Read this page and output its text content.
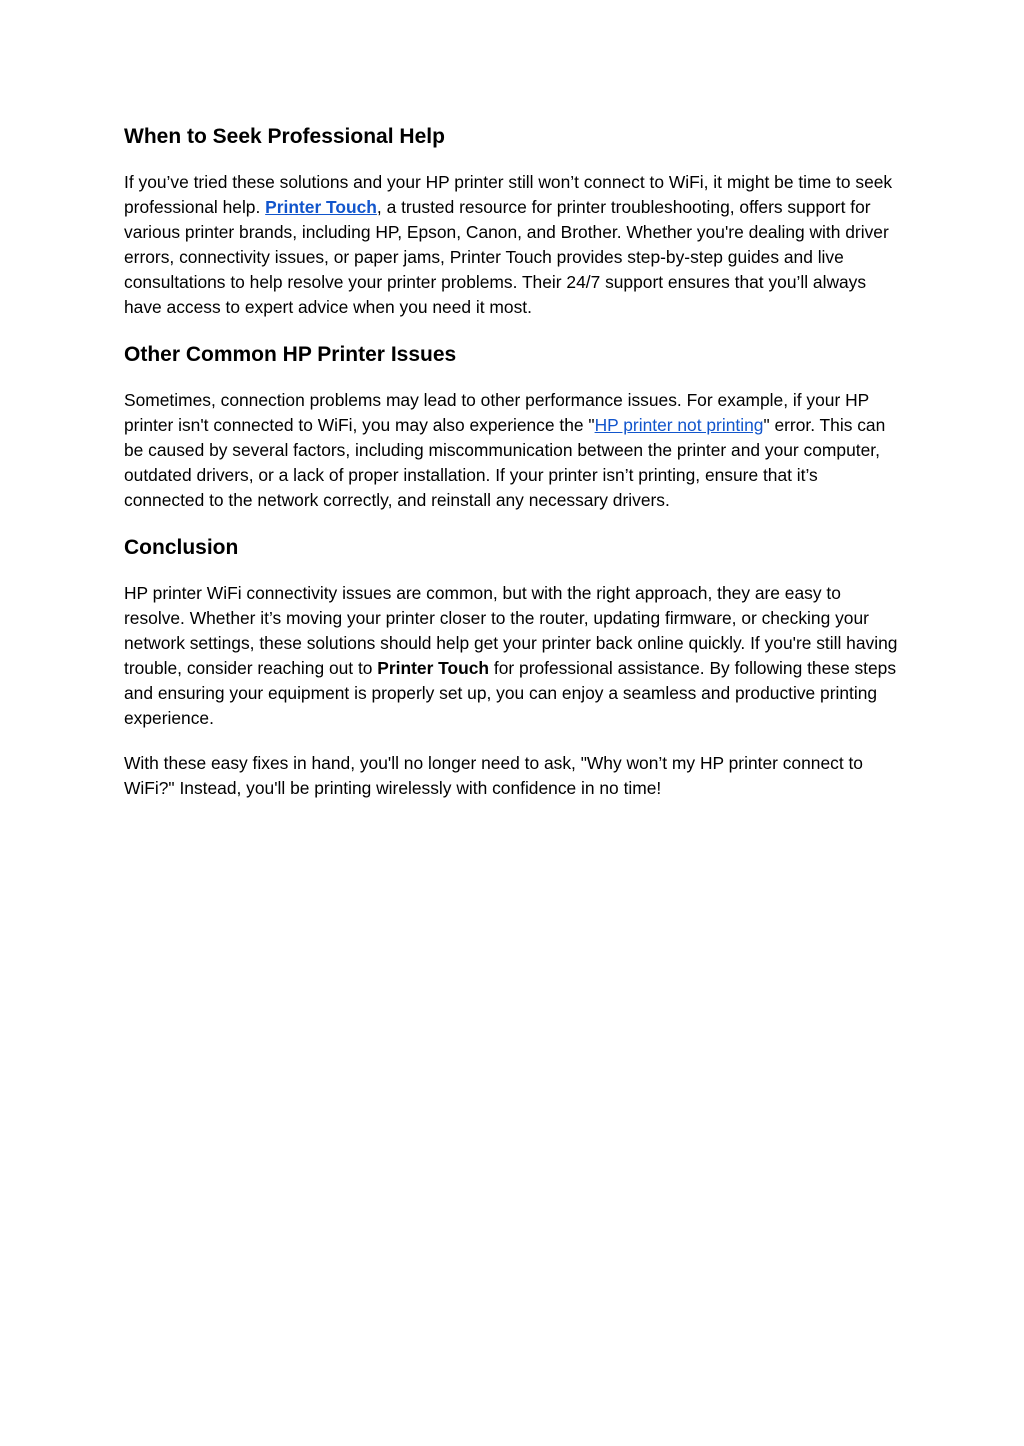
When to Seek Professional Help

If you’ve tried these solutions and your HP printer still won’t connect to WiFi, it might be time to seek professional help. Printer Touch, a trusted resource for printer troubleshooting, offers support for various printer brands, including HP, Epson, Canon, and Brother. Whether you're dealing with driver errors, connectivity issues, or paper jams, Printer Touch provides step-by-step guides and live consultations to help resolve your printer problems. Their 24/7 support ensures that you’ll always have access to expert advice when you need it most.

Other Common HP Printer Issues

Sometimes, connection problems may lead to other performance issues. For example, if your HP printer isn't connected to WiFi, you may also experience the "HP printer not printing" error. This can be caused by several factors, including miscommunication between the printer and your computer, outdated drivers, or a lack of proper installation. If your printer isn’t printing, ensure that it’s connected to the network correctly, and reinstall any necessary drivers.

Conclusion

HP printer WiFi connectivity issues are common, but with the right approach, they are easy to resolve. Whether it’s moving your printer closer to the router, updating firmware, or checking your network settings, these solutions should help get your printer back online quickly. If you're still having trouble, consider reaching out to Printer Touch for professional assistance. By following these steps and ensuring your equipment is properly set up, you can enjoy a seamless and productive printing experience.

With these easy fixes in hand, you'll no longer need to ask, "Why won’t my HP printer connect to WiFi?" Instead, you'll be printing wirelessly with confidence in no time!
